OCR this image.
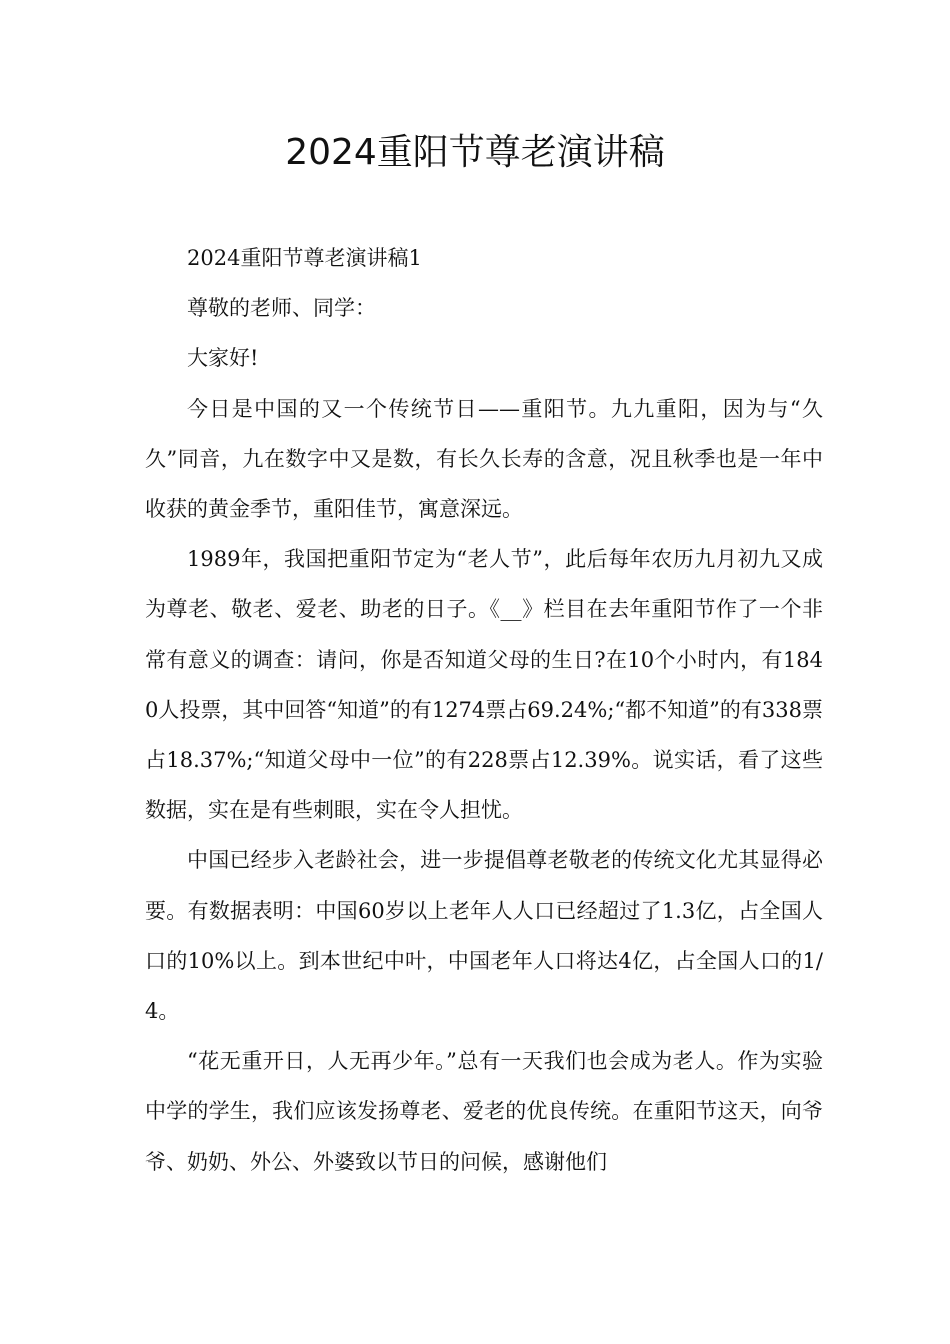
2024重阳节尊老演讲稿

2024重阳节尊老演讲稿1

尊敬的老师、同学：

大家好!

今日是中国的又一个传统节日——重阳节。九九重阳，因为与“久久”同音，九在数字中又是数，有长久长寿的含意，况且秋季也是一年中收获的黄金季节，重阳佳节，寓意深远。

1989年，我国把重阳节定为“老人节”，此后每年农历九月初九又成为尊老、敬老、爱老、助老的日子。《__》栏目在去年重阳节作了一个非常有意义的调查：请问，你是否知道父母的生日?在10个小时内，有1840人投票，其中回答“知道”的有1274票占69.24%;“都不知道”的有338票占18.37%;“知道父母中一位”的有228票占12.39%。说实话，看了这些数据，实在是有些刺眼，实在令人担忧。

中国已经步入老龄社会，进一步提倡尊老敬老的传统文化尤其显得必要。有数据表明：中国60岁以上老年人人口已经超过了1.3亿，占全国人口的10%以上。到本世纪中叶，中国老年人口将达4亿，占全国人口的1/4。

“花无重开日，人无再少年。”总有一天我们也会成为老人。作为实验中学的学生，我们应该发扬尊老、爱老的优良传统。在重阳节这天，向爷爷、奶奶、外公、外婆致以节日的问候，感谢他们
